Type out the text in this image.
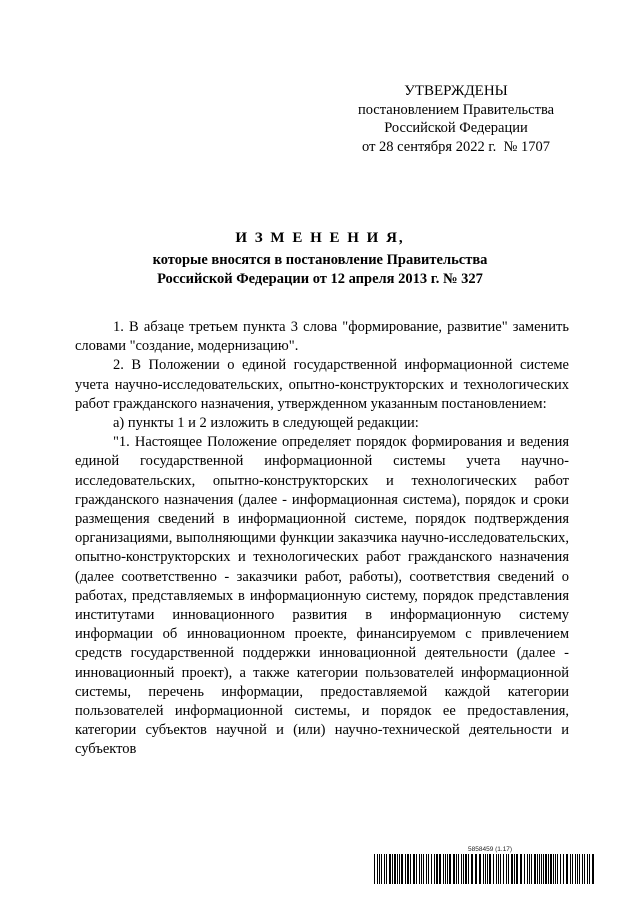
УТВЕРЖДЕНЫ
постановлением Правительства
Российской Федерации
от 28 сентября 2022 г.  № 1707
И З М Е Н Е Н И Я,
которые вносятся в постановление Правительства
Российской Федерации от 12 апреля 2013 г. № 327

1. В абзаце третьем пункта 3 слова "формирование, развитие" заменить словами "создание, модернизацию".

2. В Положении о единой государственной информационной системе учета научно-исследовательских, опытно-конструкторских и технологических работ гражданского назначения, утвержденном указанным постановлением:

а) пункты 1 и 2 изложить в следующей редакции:

"1. Настоящее Положение определяет порядок формирования и ведения единой государственной информационной системы учета научно-исследовательских, опытно-конструкторских и технологических работ гражданского назначения (далее - информационная система), порядок и сроки размещения сведений в информационной системе, порядок подтверждения организациями, выполняющими функции заказчика научно-исследовательских, опытно-конструкторских и технологических работ гражданского назначения (далее соответственно - заказчики работ, работы), соответствия сведений о работах, представляемых в информационную систему, порядок представления институтами инновационного развития в информационную систему информации об инновационном проекте, финансируемом с привлечением средств государственной поддержки инновационной деятельности (далее - инновационный проект), а также категории пользователей информационной системы, перечень информации, предоставляемой каждой категории пользователей информационной системы, и порядок ее предоставления, категории субъектов научной и (или) научно-технической деятельности и субъектов

5858459 (1.17)
